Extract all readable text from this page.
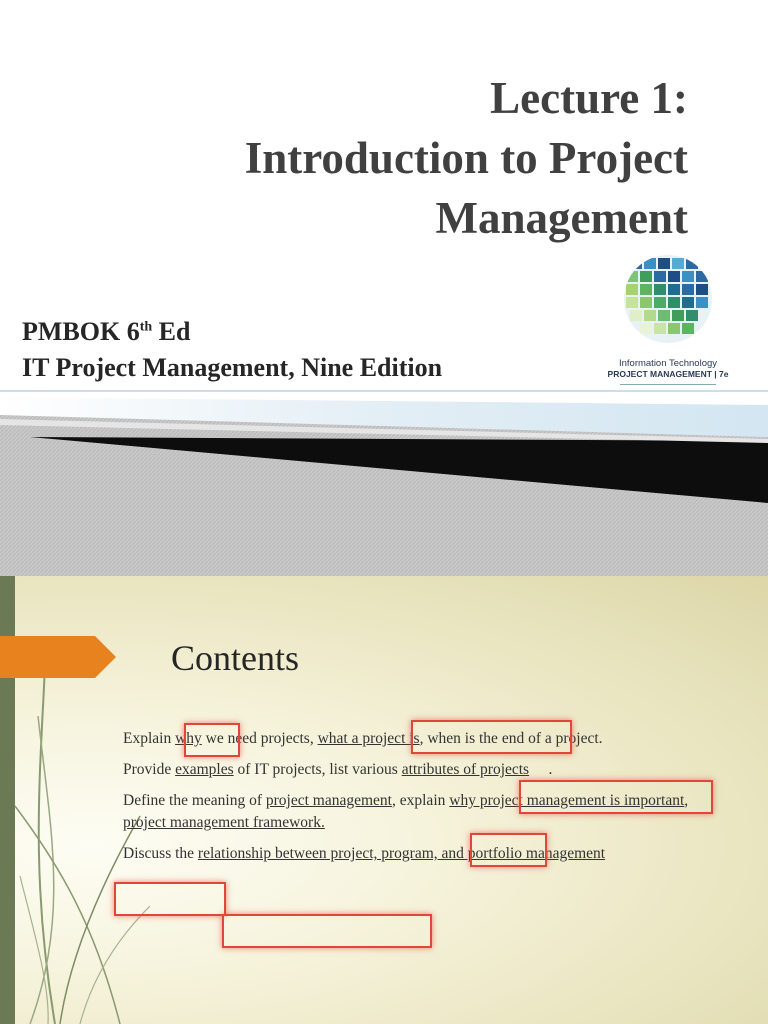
Lecture 1:
Introduction to Project
Management
PMBOK 6th Ed
IT Project Management, Nine Edition	Information Technology
PROJECT MANAGEMENT | 7e
Contents
Explain why we need projects, what a project is, when is the end of a project.
Provide examples of IT projects, list various attributes of projects     .
Define the meaning of project management, explain why project management is important, project management framework.
Discuss the relationship between project, program, and portfolio management
